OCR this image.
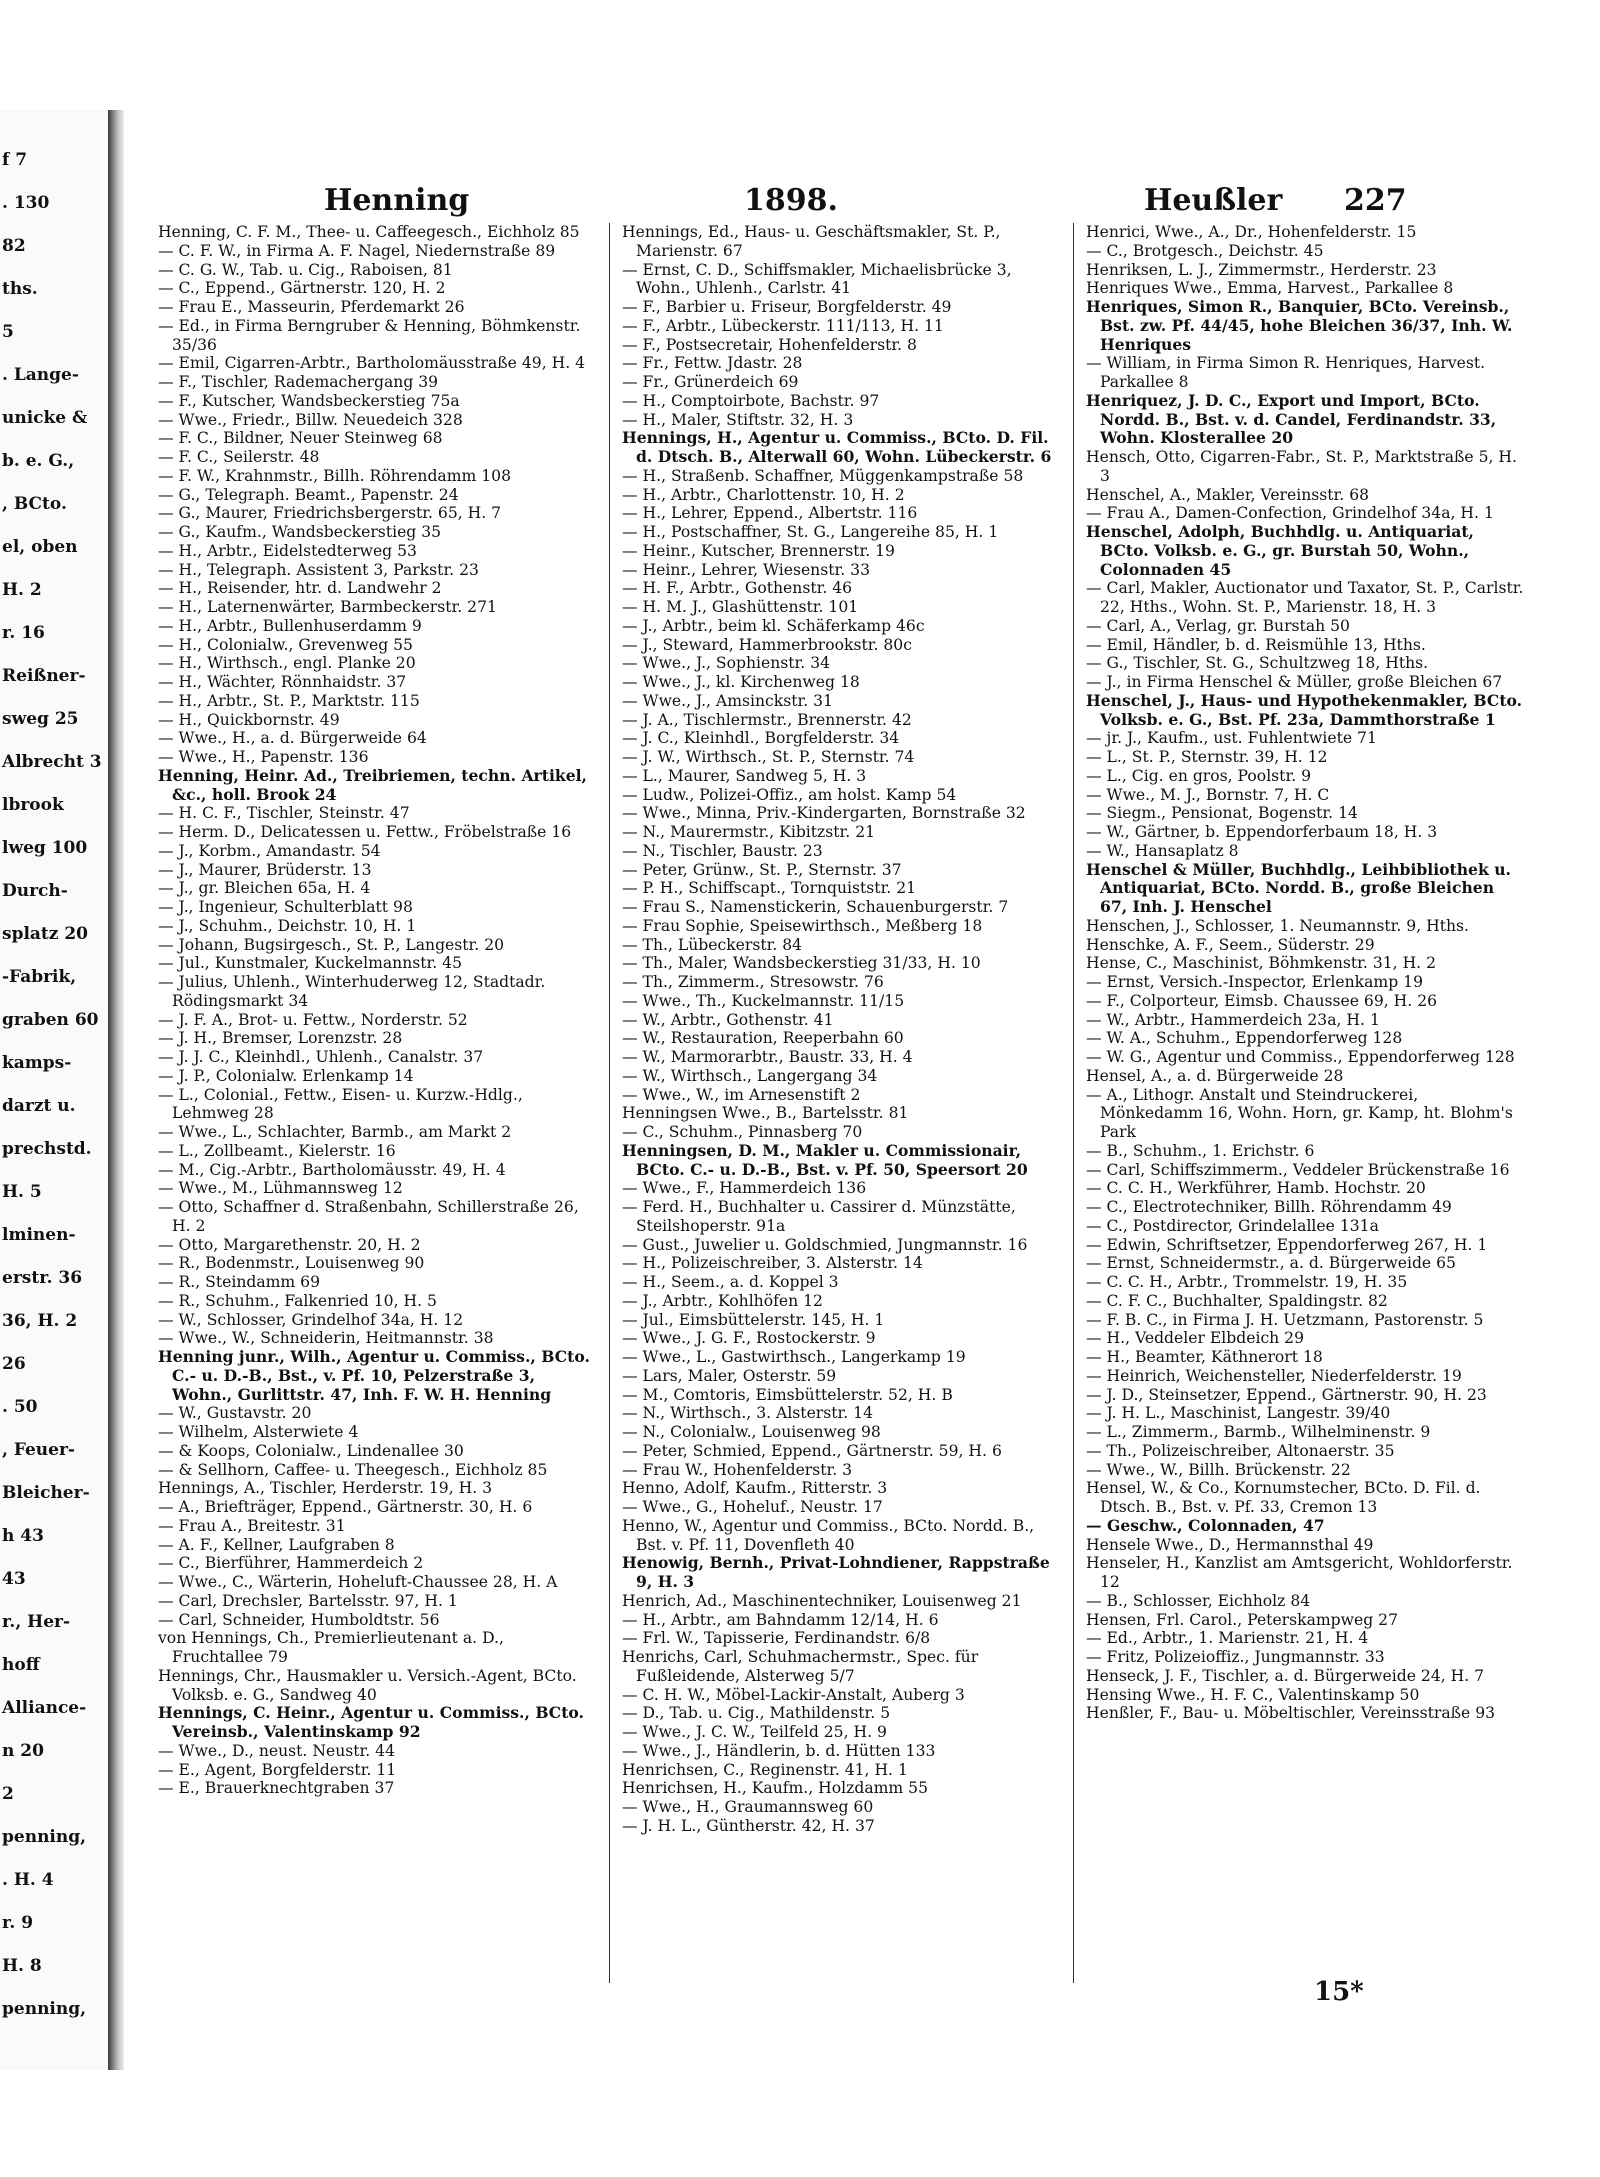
f 7
. 130
82
ths.
5
. Lange-
unicke &
b. e. G.,
, BCto.
el, oben
H. 2
r. 16
Reißner-
sweg 25
Albrecht 3
lbrook
lweg 100
Durch-
splatz 20
-Fabrik,
graben 60
kamps-
darzt u.
prechstd.
H. 5
lminen-
erstr. 36
36, H. 2
26
. 50
, Feuer-
Bleicher-
h 43
43
r., Her-
hoff
Alliance-
n 20
2
penning,
. H. 4
r. 9
H. 8
penning,
Henning	1898.	Heußler 227

Henning, C. F. M., Thee- u. Caffeegesch., Eichholz 85

— C. F. W., in Firma A. F. Nagel, Niedernstraße 89

— C. G. W., Tab. u. Cig., Raboisen, 81

— C., Eppend., Gärtnerstr. 120, H. 2

— Frau E., Masseurin, Pferdemarkt 26

— Ed., in Firma Berngruber & Henning, Böhmkenstr. 35/36

— Emil, Cigarren-Arbtr., Bartholomäusstraße 49, H. 4

— F., Tischler, Rademachergang 39

— F., Kutscher, Wandsbeckerstieg 75a

— Wwe., Friedr., Billw. Neuedeich 328

— F. C., Bildner, Neuer Steinweg 68

— F. C., Seilerstr. 48

— F. W., Krahnmstr., Billh. Röhrendamm 108

— G., Telegraph. Beamt., Papenstr. 24

— G., Maurer, Friedrichsbergerstr. 65, H. 7

— G., Kaufm., Wandsbeckerstieg 35

— H., Arbtr., Eidelstedterweg 53

— H., Telegraph. Assistent 3, Parkstr. 23

— H., Reisender, htr. d. Landwehr 2

— H., Laternenwärter, Barmbeckerstr. 271

— H., Arbtr., Bullenhuserdamm 9

— H., Colonialw., Grevenweg 55

— H., Wirthsch., engl. Planke 20

— H., Wächter, Rönnhaidstr. 37

— H., Arbtr., St. P., Marktstr. 115

— H., Quickbornstr. 49

— Wwe., H., a. d. Bürgerweide 64

— Wwe., H., Papenstr. 136

Henning, Heinr. Ad., Treibriemen, techn. Artikel, &c., holl. Brook 24

— H. C. F., Tischler, Steinstr. 47

— Herm. D., Delicatessen u. Fettw., Fröbelstraße 16

— J., Korbm., Amandastr. 54

— J., Maurer, Brüderstr. 13

— J., gr. Bleichen 65a, H. 4

— J., Ingenieur, Schulterblatt 98

— J., Schuhm., Deichstr. 10, H. 1

— Johann, Bugsirgesch., St. P., Langestr. 20

— Jul., Kunstmaler, Kuckelmannstr. 45

— Julius, Uhlenh., Winterhuderweg 12, Stadtadr. Rödingsmarkt 34

— J. F. A., Brot- u. Fettw., Norderstr. 52

— J. H., Bremser, Lorenzstr. 28

— J. J. C., Kleinhdl., Uhlenh., Canalstr. 37

— J. P., Colonialw. Erlenkamp 14

— L., Colonial., Fettw., Eisen- u. Kurzw.-Hdlg., Lehmweg 28

— Wwe., L., Schlachter, Barmb., am Markt 2

— L., Zollbeamt., Kielerstr. 16

— M., Cig.-Arbtr., Bartholomäusstr. 49, H. 4

— Wwe., M., Lühmannsweg 12

— Otto, Schaffner d. Straßenbahn, Schillerstraße 26, H. 2

— Otto, Margarethenstr. 20, H. 2

— R., Bodenmstr., Louisenweg 90

— R., Steindamm 69

— R., Schuhm., Falkenried 10, H. 5

— W., Schlosser, Grindelhof 34a, H. 12

— Wwe., W., Schneiderin, Heitmannstr. 38

Henning junr., Wilh., Agentur u. Commiss., BCto. C.- u. D.-B., Bst., v. Pf. 10, Pelzerstraße 3, Wohn., Gurlittstr. 47, Inh. F. W. H. Henning

— W., Gustavstr. 20

— Wilhelm, Alsterwiete 4

— & Koops, Colonialw., Lindenallee 30

— & Sellhorn, Caffee- u. Theegesch., Eichholz 85

Hennings, A., Tischler, Herderstr. 19, H. 3

— A., Briefträger, Eppend., Gärtnerstr. 30, H. 6

— Frau A., Breitestr. 31

— A. F., Kellner, Laufgraben 8

— C., Bierführer, Hammerdeich 2

— Wwe., C., Wärterin, Hoheluft-Chaussee 28, H. A

— Carl, Drechsler, Bartelsstr. 97, H. 1

— Carl, Schneider, Humboldtstr. 56

von Hennings, Ch., Premierlieutenant a. D., Fruchtallee 79

Hennings, Chr., Hausmakler u. Versich.-Agent, BCto. Volksb. e. G., Sandweg 40

Hennings, C. Heinr., Agentur u. Commiss., BCto. Vereinsb., Valentinskamp 92

— Wwe., D., neust. Neustr. 44

— E., Agent, Borgfelderstr. 11

— E., Brauerknechtgraben 37

Hennings, Ed., Haus- u. Geschäftsmakler, St. P., Marienstr. 67

— Ernst, C. D., Schiffsmakler, Michaelisbrücke 3, Wohn., Uhlenh., Carlstr. 41

— F., Barbier u. Friseur, Borgfelderstr. 49

— F., Arbtr., Lübeckerstr. 111/113, H. 11

— F., Postsecretair, Hohenfelderstr. 8

— Fr., Fettw. Jdastr. 28

— Fr., Grünerdeich 69

— H., Comptoirbote, Bachstr. 97

— H., Maler, Stiftstr. 32, H. 3

Hennings, H., Agentur u. Commiss., BCto. D. Fil. d. Dtsch. B., Alterwall 60, Wohn. Lübeckerstr. 6

— H., Straßenb. Schaffner, Müggenkampstraße 58

— H., Arbtr., Charlottenstr. 10, H. 2

— H., Lehrer, Eppend., Albertstr. 116

— H., Postschaffner, St. G., Langereihe 85, H. 1

— Heinr., Kutscher, Brennerstr. 19

— Heinr., Lehrer, Wiesenstr. 33

— H. F., Arbtr., Gothenstr. 46

— H. M. J., Glashüttenstr. 101

— J., Arbtr., beim kl. Schäferkamp 46c

— J., Steward, Hammerbrookstr. 80c

— Wwe., J., Sophienstr. 34

— Wwe., J., kl. Kirchenweg 18

— Wwe., J., Amsinckstr. 31

— J. A., Tischlermstr., Brennerstr. 42

— J. C., Kleinhdl., Borgfelderstr. 34

— J. W., Wirthsch., St. P., Sternstr. 74

— L., Maurer, Sandweg 5, H. 3

— Ludw., Polizei-Offiz., am holst. Kamp 54

— Wwe., Minna, Priv.-Kindergarten, Bornstraße 32

— N., Maurermstr., Kibitzstr. 21

— N., Tischler, Baustr. 23

— Peter, Grünw., St. P., Sternstr. 37

— P. H., Schiffscapt., Tornquiststr. 21

— Frau S., Namenstickerin, Schauenburgerstr. 7

— Frau Sophie, Speisewirthsch., Meßberg 18

— Th., Lübeckerstr. 84

— Th., Maler, Wandsbeckerstieg 31/33, H. 10

— Th., Zimmerm., Stresowstr. 76

— Wwe., Th., Kuckelmannstr. 11/15

— W., Arbtr., Gothenstr. 41

— W., Restauration, Reeperbahn 60

— W., Marmorarbtr., Baustr. 33, H. 4

— W., Wirthsch., Langergang 34

— Wwe., W., im Arnesenstift 2

Henningsen Wwe., B., Bartelsstr. 81

— C., Schuhm., Pinnasberg 70

Henningsen, D. M., Makler u. Commissionair, BCto. C.- u. D.-B., Bst. v. Pf. 50, Speersort 20

— Wwe., F., Hammerdeich 136

— Ferd. H., Buchhalter u. Cassirer d. Münzstätte, Steilshoperstr. 91a

— Gust., Juwelier u. Goldschmied, Jungmannstr. 16

— H., Polizeischreiber, 3. Alsterstr. 14

— H., Seem., a. d. Koppel 3

— J., Arbtr., Kohlhöfen 12

— Jul., Eimsbüttelerstr. 145, H. 1

— Wwe., J. G. F., Rostockerstr. 9

— Wwe., L., Gastwirthsch., Langerkamp 19

— Lars, Maler, Osterstr. 59

— M., Comtoris, Eimsbüttelerstr. 52, H. B

— N., Wirthsch., 3. Alsterstr. 14

— N., Colonialw., Louisenweg 98

— Peter, Schmied, Eppend., Gärtnerstr. 59, H. 6

— Frau W., Hohenfelderstr. 3

Henno, Adolf, Kaufm., Ritterstr. 3

— Wwe., G., Hoheluf., Neustr. 17

Henno, W., Agentur und Commiss., BCto. Nordd. B., Bst. v. Pf. 11, Dovenfleth 40

Henowig, Bernh., Privat-Lohndiener, Rappstraße 9, H. 3

Henrich, Ad., Maschinentechniker, Louisenweg 21

— H., Arbtr., am Bahndamm 12/14, H. 6

— Frl. W., Tapisserie, Ferdinandstr. 6/8

Henrichs, Carl, Schuhmachermstr., Spec. für Fußleidende, Alsterweg 5/7

— C. H. W., Möbel-Lackir-Anstalt, Auberg 3

— D., Tab. u. Cig., Mathildenstr. 5

— Wwe., J. C. W., Teilfeld 25, H. 9

— Wwe., J., Händlerin, b. d. Hütten 133

Henrichsen, C., Reginenstr. 41, H. 1

Henrichsen, H., Kaufm., Holzdamm 55

— Wwe., H., Graumannsweg 60

— J. H. L., Güntherstr. 42, H. 37

Henrici, Wwe., A., Dr., Hohenfelderstr. 15

— C., Brotgesch., Deichstr. 45

Henriksen, L. J., Zimmermstr., Herderstr. 23

Henriques Wwe., Emma, Harvest., Parkallee 8

Henriques, Simon R., Banquier, BCto. Vereinsb., Bst. zw. Pf. 44/45, hohe Bleichen 36/37, Inh. W. Henriques

— William, in Firma Simon R. Henriques, Harvest. Parkallee 8

Henriquez, J. D. C., Export und Import, BCto. Nordd. B., Bst. v. d. Candel, Ferdinandstr. 33, Wohn. Klosterallee 20

Hensch, Otto, Cigarren-Fabr., St. P., Marktstraße 5, H. 3

Henschel, A., Makler, Vereinsstr. 68

— Frau A., Damen-Confection, Grindelhof 34a, H. 1

Henschel, Adolph, Buchhdlg. u. Antiquariat, BCto. Volksb. e. G., gr. Burstah 50, Wohn., Colonnaden 45

— Carl, Makler, Auctionator und Taxator, St. P., Carlstr. 22, Hths., Wohn. St. P., Marienstr. 18, H. 3

— Carl, A., Verlag, gr. Burstah 50

— Emil, Händler, b. d. Reismühle 13, Hths.

— G., Tischler, St. G., Schultzweg 18, Hths.

— J., in Firma Henschel & Müller, große Bleichen 67

Henschel, J., Haus- und Hypothekenmakler, BCto. Volksb. e. G., Bst. Pf. 23a, Dammthorstraße 1

— jr. J., Kaufm., ust. Fuhlentwiete 71

— L., St. P., Sternstr. 39, H. 12

— L., Cig. en gros, Poolstr. 9

— Wwe., M. J., Bornstr. 7, H. C

— Siegm., Pensionat, Bogenstr. 14

— W., Gärtner, b. Eppendorferbaum 18, H. 3

— W., Hansaplatz 8

Henschel & Müller, Buchhdlg., Leihbibliothek u. Antiquariat, BCto. Nordd. B., große Bleichen 67, Inh. J. Henschel

Henschen, J., Schlosser, 1. Neumannstr. 9, Hths.

Henschke, A. F., Seem., Süderstr. 29

Hense, C., Maschinist, Böhmkenstr. 31, H. 2

— Ernst, Versich.-Inspector, Erlenkamp 19

— F., Colporteur, Eimsb. Chaussee 69, H. 26

— W., Arbtr., Hammerdeich 23a, H. 1

— W. A., Schuhm., Eppendorferweg 128

— W. G., Agentur und Commiss., Eppendorferweg 128

Hensel, A., a. d. Bürgerweide 28

— A., Lithogr. Anstalt und Steindruckerei, Mönkedamm 16, Wohn. Horn, gr. Kamp, ht. Blohm's Park

— B., Schuhm., 1. Erichstr. 6

— Carl, Schiffszimmerm., Veddeler Brückenstraße 16

— C. C. H., Werkführer, Hamb. Hochstr. 20

— C., Electrotechniker, Billh. Röhrendamm 49

— C., Postdirector, Grindelallee 131a

— Edwin, Schriftsetzer, Eppendorferweg 267, H. 1

— Ernst, Schneidermstr., a. d. Bürgerweide 65

— C. C. H., Arbtr., Trommelstr. 19, H. 35

— C. F. C., Buchhalter, Spaldingstr. 82

— F. B. C., in Firma J. H. Uetzmann, Pastorenstr. 5

— H., Veddeler Elbdeich 29

— H., Beamter, Käthnerort 18

— Heinrich, Weichensteller, Niederfelderstr. 19

— J. D., Steinsetzer, Eppend., Gärtnerstr. 90, H. 23

— J. H. L., Maschinist, Langestr. 39/40

— L., Zimmerm., Barmb., Wilhelminenstr. 9

— Th., Polizeischreiber, Altonaerstr. 35

— Wwe., W., Billh. Brückenstr. 22

Hensel, W., & Co., Kornumstecher, BCto. D. Fil. d. Dtsch. B., Bst. v. Pf. 33, Cremon 13

— Geschw., Colonnaden, 47

Hensele Wwe., D., Hermannsthal 49

Henseler, H., Kanzlist am Amtsgericht, Wohldorferstr. 12

— B., Schlosser, Eichholz 84

Hensen, Frl. Carol., Peterskampweg 27

— Ed., Arbtr., 1. Marienstr. 21, H. 4

— Fritz, Polizeioffiz., Jungmannstr. 33

Henseck, J. F., Tischler, a. d. Bürgerweide 24, H. 7

Hensing Wwe., H. F. C., Valentinskamp 50

Henßler, F., Bau- u. Möbeltischler, Vereinsstraße 93

15*
